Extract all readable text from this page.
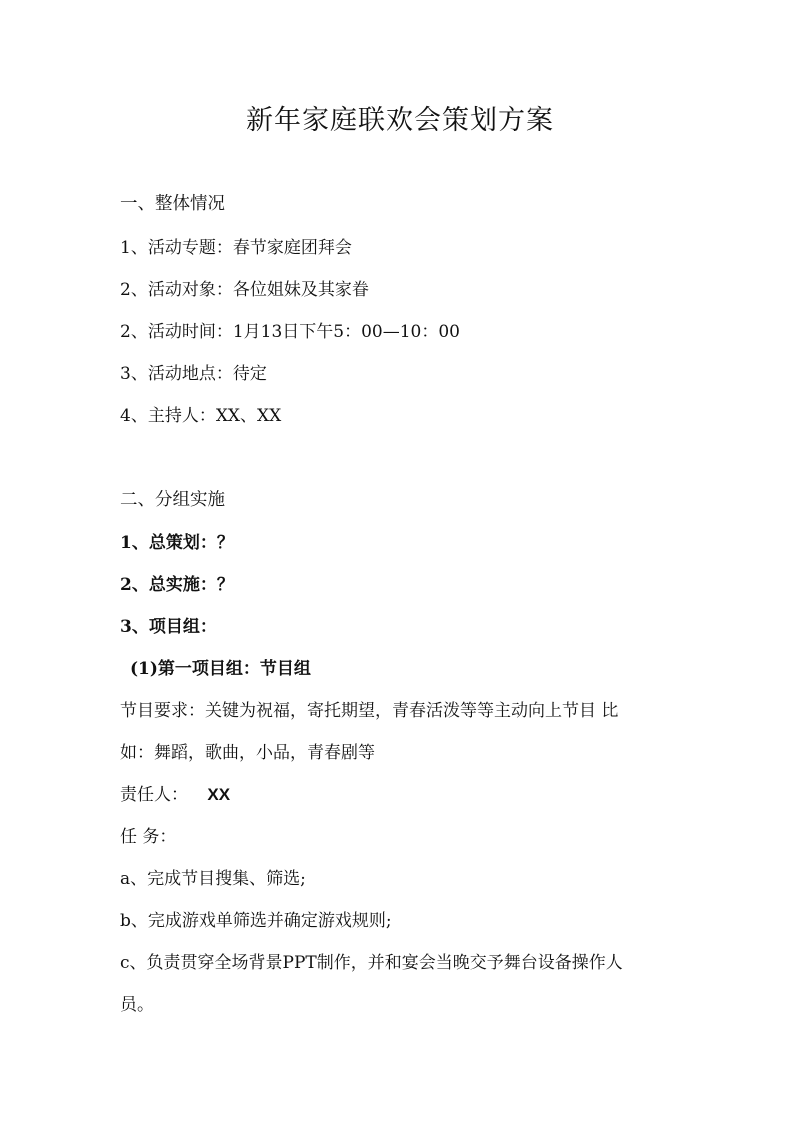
新年家庭联欢会策划方案

一、整体情况

1、活动专题：春节家庭团拜会

2、活动对象：各位姐妹及其家眷

2、活动时间：1月13日下午5：00—10：00

3、活动地点：待定

4、主持人：XX、XX

二、分组实施

1、总策划：？

2、总实施：？

3、项目组：

(1)第一项目组：节目组

节目要求：关键为祝福，寄托期望，青春活泼等等主动向上节目 比

如：舞蹈，歌曲，小品，青春剧等

责任人： XX

任 务：

a、完成节目搜集、筛选;

b、完成游戏单筛选并确定游戏规则;

c、负责贯穿全场背景PPT制作，并和宴会当晚交予舞台设备操作人

员。
